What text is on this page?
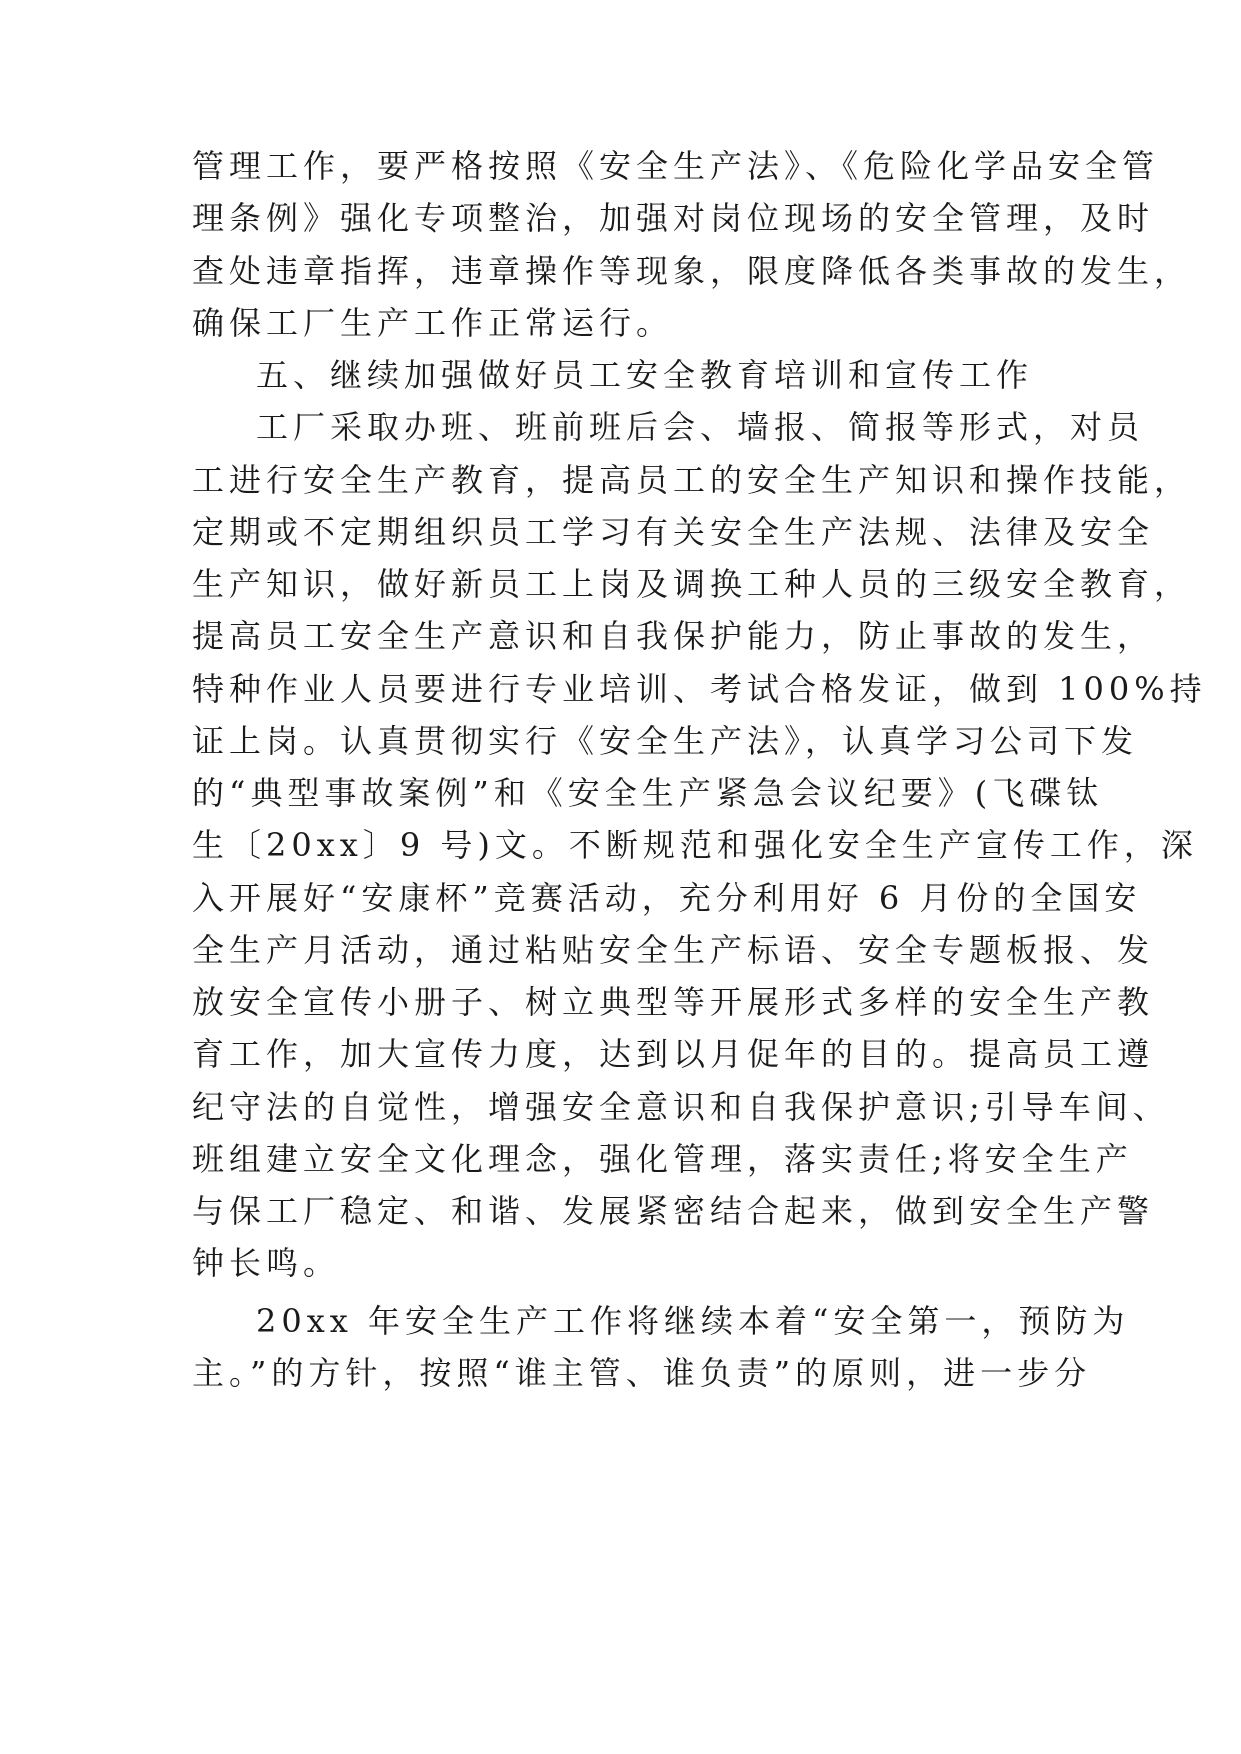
管理工作，要严格按照《安全生产法》、《危险化学品安全管
理条例》强化专项整治，加强对岗位现场的安全管理，及时
查处违章指挥，违章操作等现象，限度降低各类事故的发生，
确保工厂生产工作正常运行。
五、继续加强做好员工安全教育培训和宣传工作
工厂采取办班、班前班后会、墙报、简报等形式，对员
工进行安全生产教育，提高员工的安全生产知识和操作技能，
定期或不定期组织员工学习有关安全生产法规、法律及安全
生产知识，做好新员工上岗及调换工种人员的三级安全教育，
提高员工安全生产意识和自我保护能力，防止事故的发生，
特种作业人员要进行专业培训、考试合格发证，做到 100%持
证上岗。认真贯彻实行《安全生产法》，认真学习公司下发
的“典型事故案例”和《安全生产紧急会议纪要》(飞碟钛
生〔20xx〕9 号)文。不断规范和强化安全生产宣传工作，深
入开展好“安康杯”竞赛活动，充分利用好 6 月份的全国安
全生产月活动，通过粘贴安全生产标语、安全专题板报、发
放安全宣传小册子、树立典型等开展形式多样的安全生产教
育工作，加大宣传力度，达到以月促年的目的。提高员工遵
纪守法的自觉性，增强安全意识和自我保护意识;引导车间、
班组建立安全文化理念，强化管理，落实责任;将安全生产
与保工厂稳定、和谐、发展紧密结合起来，做到安全生产警
钟长鸣。
20xx 年安全生产工作将继续本着“安全第一，预防为
主。”的方针，按照“谁主管、谁负责”的原则，进一步分
